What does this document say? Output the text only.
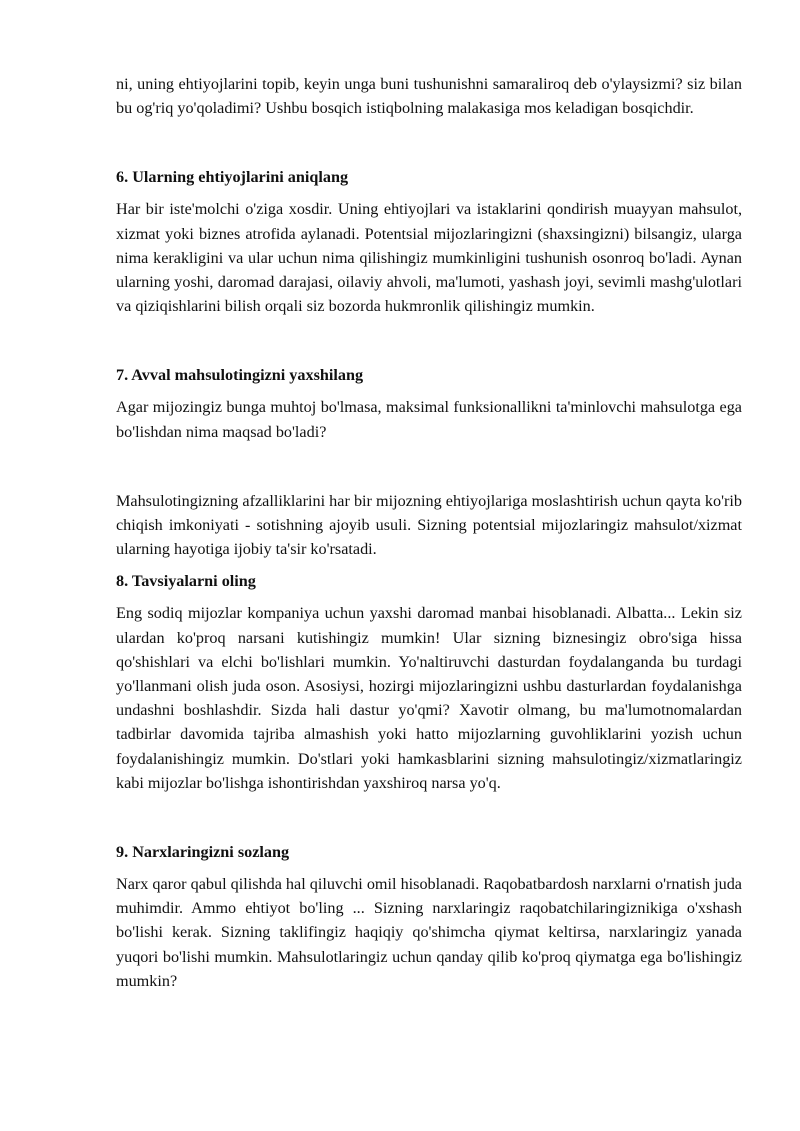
ni, uning ehtiyojlarini topib, keyin unga buni tushunishni samaraliroq deb o'ylaysizmi? siz bilan bu og'riq yo'qoladimi? Ushbu bosqich istiqbolning malakasiga mos keladigan bosqichdir.

6. Ularning ehtiyojlarini aniqlang

Har bir iste'molchi o'ziga xosdir. Uning ehtiyojlari va istaklarini qondirish muayyan mahsulot, xizmat yoki biznes atrofida aylanadi. Potentsial mijozlaringizni (shaxsingizni) bilsangiz, ularga nima kerakligini va ular uchun nima qilishingiz mumkinligini tushunish osonroq bo'ladi. Aynan ularning yoshi, daromad darajasi, oilaviy ahvoli, ma'lumoti, yashash joyi, sevimli mashg'ulotlari va qiziqishlarini bilish orqali siz bozorda hukmronlik qilishingiz mumkin.

7. Avval mahsulotingizni yaxshilang

Agar mijozingiz bunga muhtoj bo'lmasa, maksimal funksionallikni ta'minlovchi mahsulotga ega bo'lishdan nima maqsad bo'ladi?

Mahsulotingizning afzalliklarini har bir mijozning ehtiyojlariga moslashtirish uchun qayta ko'rib chiqish imkoniyati - sotishning ajoyib usuli. Sizning potentsial mijozlaringiz mahsulot/xizmat ularning hayotiga ijobiy ta'sir ko'rsatadi.

8. Tavsiyalarni oling

Eng sodiq mijozlar kompaniya uchun yaxshi daromad manbai hisoblanadi. Albatta... Lekin siz ulardan ko'proq narsani kutishingiz mumkin! Ular sizning biznesingiz obro'siga hissa qo'shishlari va elchi bo'lishlari mumkin. Yo'naltiruvchi dasturdan foydalanganda bu turdagi yo'llanmani olish juda oson. Asosiysi, hozirgi mijozlaringizni ushbu dasturlardan foydalanishga undashni boshlashdir. Sizda hali dastur yo'qmi? Xavotir olmang, bu ma'lumotnomalardan tadbirlar davomida tajriba almashish yoki hatto mijozlarning guvohliklarini yozish uchun foydalanishingiz mumkin. Do'stlari yoki hamkasblarini sizning mahsulotingiz/xizmatlaringiz kabi mijozlar bo'lishga ishontirishdan yaxshiroq narsa yo'q.

9. Narxlaringizni sozlang

Narx qaror qabul qilishda hal qiluvchi omil hisoblanadi. Raqobatbardosh narxlarni o'rnatish juda muhimdir. Ammo ehtiyot bo'ling ... Sizning narxlaringiz raqobatchilaringiznikiga o'xshash bo'lishi kerak. Sizning taklifingiz haqiqiy qo'shimcha qiymat keltirsa, narxlaringiz yanada yuqori bo'lishi mumkin. Mahsulotlaringiz uchun qanday qilib ko'proq qiymatga ega bo'lishingiz mumkin?
